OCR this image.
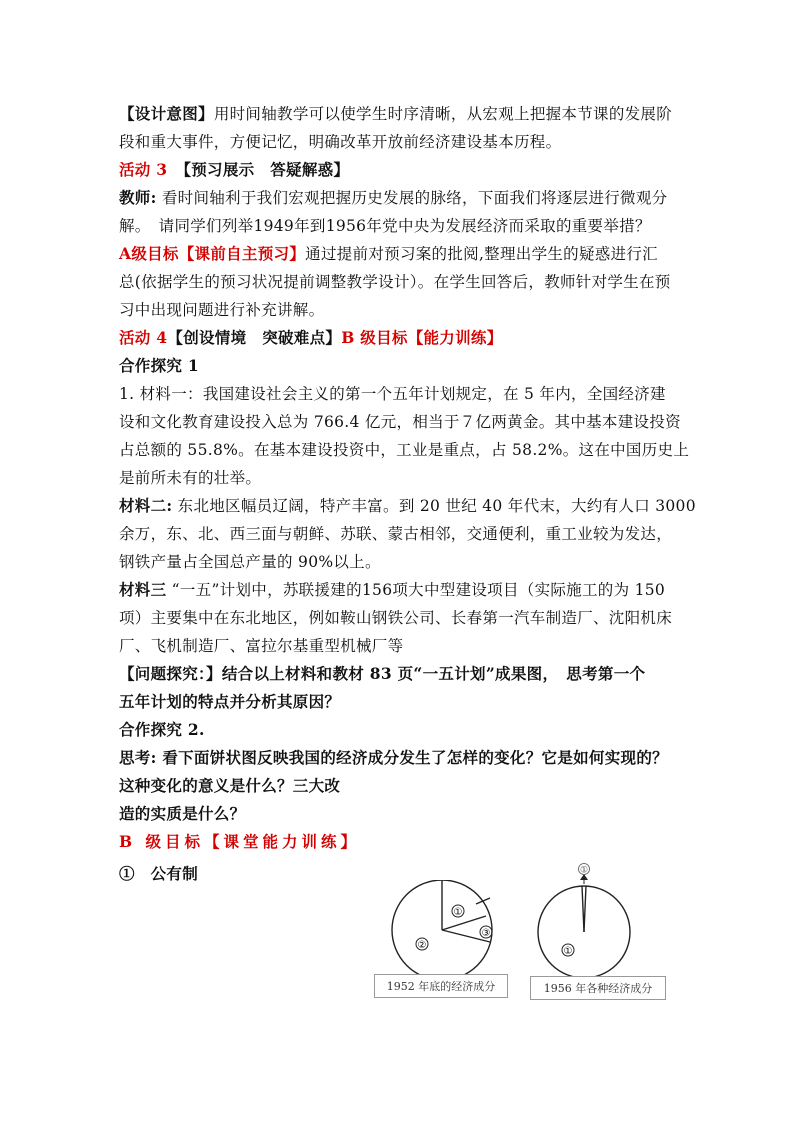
【设计意图】用时间轴教学可以使学生时序清晰，从宏观上把握本节课的发展阶
段和重大事件，方便记忆，明确改革开放前经济建设基本历程。
活动 3　 【预习展示　答疑解惑】
教师: 看时间轴利于我们宏观把握历史发展的脉络，下面我们将逐层进行微观分
解。　请同学们列举1949年到1956年党中央为发展经济而采取的重要举措？
A级目标【课前自主预习】通过提前对预习案的批阅,整理出学生的疑惑进行汇
总(依据学生的预习状况提前调整教学设计）。在学生回答后，教师针对学生在预
习中出现问题进行补充讲解。
活动 4【创设情境　突破难点】B 级目标【能力训练】
合作探究 1
1. 材料一：我国建设社会主义的第一个五年计划规定，在 5 年内，全国经济建
设和文化教育建设投入总为 766.4 亿元，相当于７亿两黄金。其中基本建设投资
占总额的 55.8%。在基本建设投资中，工业是重点，占 58.2%。这在中国历史上
是前所未有的壮举。
材料二: 东北地区幅员辽阔，特产丰富。到 20 世纪 40 年代末，大约有人口 3000
余万，东、北、西三面与朝鲜、苏联、蒙古相邻，交通便利，重工业较为发达，
钢铁产量占全国总产量的 90%以上。
材料三 “一五”计划中，苏联援建的156项大中型建设项目（实际施工的为 150
项）主要集中在东北地区，例如鞍山钢铁公司、长春第一汽车制造厂、沈阳机床
厂、飞机制造厂、富拉尔基重型机械厂等
【问题探究：】结合以上材料和教材 83 页“一五计划”成果图，　思考第一个
五年计划的特点并分析其原因？
合作探究 2.
思考: 看下面饼状图反映我国的经济成分发生了怎样的变化？它是如何实现的？
这种变化的意义是什么？三大改
造的实质是什么？
B 级目标【课堂能力训练】
①　公有制
①
②
③
1952 年底的经济成分
①
①
1956 年各种经济成分
